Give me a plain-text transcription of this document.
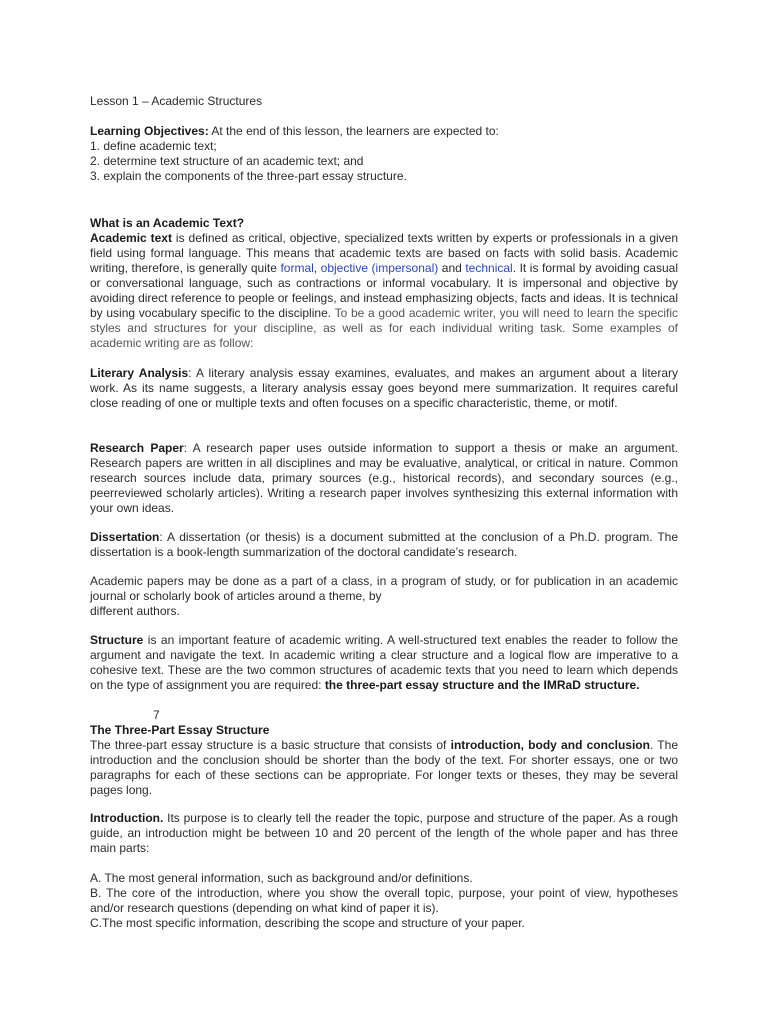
Lesson 1 – Academic Structures

Learning Objectives: At the end of this lesson, the learners are expected to:

1. define academic text;

2. determine text structure of an academic text; and

3. explain the components of the three-part essay structure.

What is an Academic Text?

Academic text is defined as critical, objective, specialized texts written by experts or professionals in a given field using formal language. This means that academic texts are based on facts with solid basis. Academic writing, therefore, is generally quite formal, objective (impersonal) and technical. It is formal by avoiding casual or conversational language, such as contractions or informal vocabulary. It is impersonal and objective by avoiding direct reference to people or feelings, and instead emphasizing objects, facts and ideas. It is technical by using vocabulary specific to the discipline. To be a good academic writer, you will need to learn the specific styles and structures for your discipline, as well as for each individual writing task. Some examples of academic writing are as follow:

Literary Analysis: A literary analysis essay examines, evaluates, and makes an argument about a literary work. As its name suggests, a literary analysis essay goes beyond mere summarization. It requires careful close reading of one or multiple texts and often focuses on a specific characteristic, theme, or motif.

Research Paper: A research paper uses outside information to support a thesis or make an argument. Research papers are written in all disciplines and may be evaluative, analytical, or critical in nature. Common research sources include data, primary sources (e.g., historical records), and secondary sources (e.g., peerreviewed scholarly articles). Writing a research paper involves synthesizing this external information with your own ideas.

Dissertation: A dissertation (or thesis) is a document submitted at the conclusion of a Ph.D. program. The dissertation is a book-length summarization of the doctoral candidate’s research.

Academic papers may be done as a part of a class, in a program of study, or for publication in an academic journal or scholarly book of articles around a theme, by

different authors.

Structure is an important feature of academic writing. A well-structured text enables the reader to follow the argument and navigate the text. In academic writing a clear structure and a logical flow are imperative to a cohesive text. These are the two common structures of academic texts that you need to learn which depends on the type of assignment you are required: the three-part essay structure and the IMRaD structure.

7

The Three-Part Essay Structure

The three-part essay structure is a basic structure that consists of introduction, body and conclusion. The introduction and the conclusion should be shorter than the body of the text. For shorter essays, one or two paragraphs for each of these sections can be appropriate. For longer texts or theses, they may be several pages long.

Introduction. Its purpose is to clearly tell the reader the topic, purpose and structure of the paper. As a rough guide, an introduction might be between 10 and 20 percent of the length of the whole paper and has three main parts:

A. The most general information, such as background and/or definitions.

B. The core of the introduction, where you show the overall topic, purpose, your point of view, hypotheses and/or research questions (depending on what kind of paper it is).

C.The most specific information, describing the scope and structure of your paper.
